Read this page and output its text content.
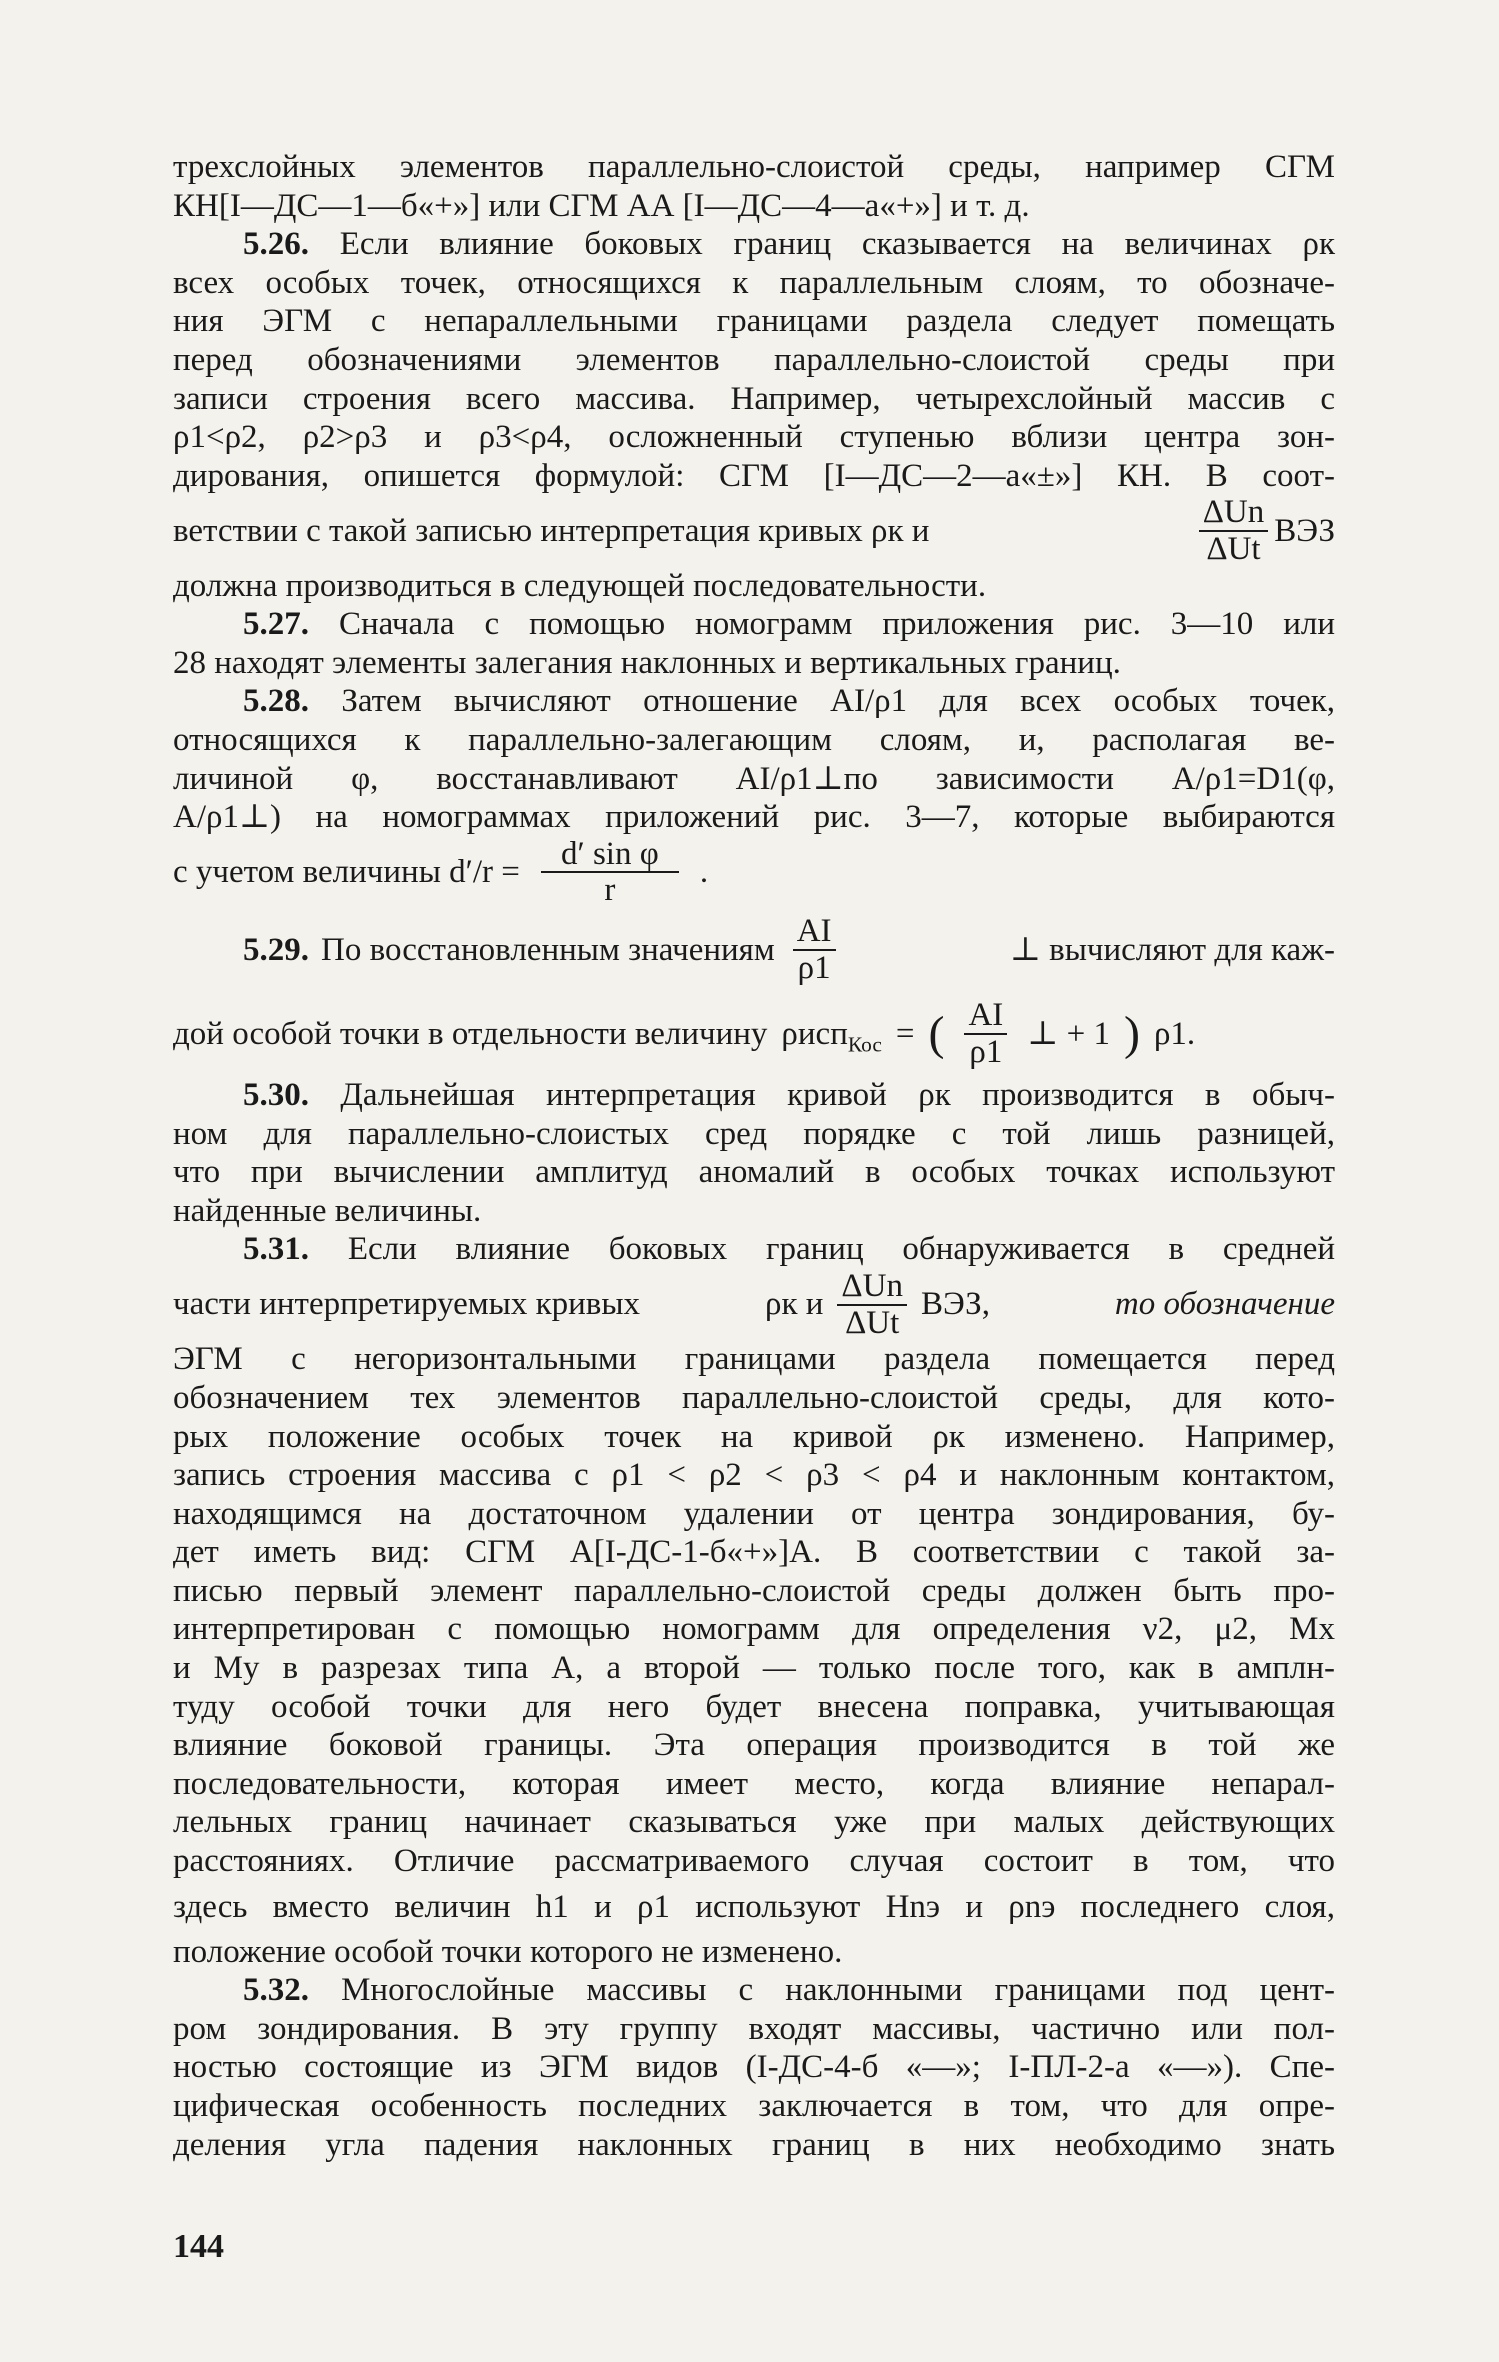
трехслойных элементов параллельно-слоистой среды, например СГМ
КН[I—ДС—1—б«+»] или СГМ АА [I—ДС—4—а«+»] и т. д.
5.26. Если влияние боковых границ сказывается на величинах ρк
всех особых точек, относящихся к параллельным слоям, то обозначе-
ния ЭГМ с непараллельными границами раздела следует помещать
перед обозначениями элементов параллельно-слоистой среды при
записи строения всего массива. Например, четырехслойный массив с
ρ1<ρ2, ρ2>ρ3 и ρ3<ρ4, осложненный ступенью вблизи центра зон-
дирования, опишется формулой: СГМ [I—ДС—2—а«±»] КН. В соот-
ветствии с такой записью интерпретация кривых ρк и	$\frac{\text{ΔUn}}{\text{ΔUt}}$ ВЭЗ
должна производиться в следующей последовательности.
5.27. Сначала с помощью номограмм приложения рис. 3—10 или
28 находят элементы залегания наклонных и вертикальных границ.
5.28. Затем вычисляют отношение AI/ρ1 для всех особых точек,
относящихся к параллельно-залегающим слоям, и, располагая ве-
личиной φ, восстанавливают AI/ρ1⊥по зависимости A/ρ1=D1(φ,
A/ρ1⊥) на номограммах приложений рис. 3—7, которые выбираются
с учетом величины $d'/r = \frac{\text{d′ sin φ}}{r}$ .
5.29. По восстановленным значениям $\frac{AI}{\rho 1}$	⊥ вычисляют для каж-
дой особой точки в отдельности величину ρисп$_{Кос}$ = ( $\frac{AI}{\rho 1}$ ⊥ + 1 ) ρ1.
5.30. Дальнейшая интерпретация кривой ρк производится в обыч-
ном для параллельно-слоистых сред порядке с той лишь разницей,
что при вычислении амплитуд аномалий в особых точках используют
найденные величины.
5.31. Если влияние боковых границ обнаруживается в средней
части интерпретируемых кривых	ρк и $\frac{\text{ΔUn}}{\text{ΔUt}}$ ВЭЗ,	то обозначение
ЭГМ с негоризонтальными границами раздела помещается перед
обозначением тех элементов параллельно-слоистой среды, для кото-
рых положение особых точек на кривой ρк изменено. Например,
запись строения массива с ρ1 < ρ2 < ρ3 < ρ4 и наклонным контактом,
находящимся на достаточном удалении от центра зондирования, бу-
дет иметь вид: СГМ А[I-ДС-1-б«+»]А. В соответствии с такой за-
писью первый элемент параллельно-слоистой среды должен быть про-
интерпретирован с помощью номограмм для определения ν2, μ2, Mx
и My в разрезах типа А, а второй — только после того, как в амплн-
туду особой точки для него будет внесена поправка, учитывающая
влияние боковой границы. Эта операция производится в той же
последовательности, которая имеет место, когда влияние непарал-
лельных границ начинает сказываться уже при малых действующих
расстояниях. Отличие рассматриваемого случая состоит в том, что
здесь вместо величин h1 и ρ1 используют Hnэ и ρnэ последнего слоя,
положение особой точки которого не изменено.
5.32. Многослойные массивы с наклонными границами под цент-
ром зондирования. В эту группу входят массивы, частично или пол-
ностью состоящие из ЭГМ видов (I-ДС-4-б «—»; I-ПЛ-2-а «—»). Спе-
цифическая особенность последних заключается в том, что для опре-
деления угла падения наклонных границ в них необходимо знать
144
